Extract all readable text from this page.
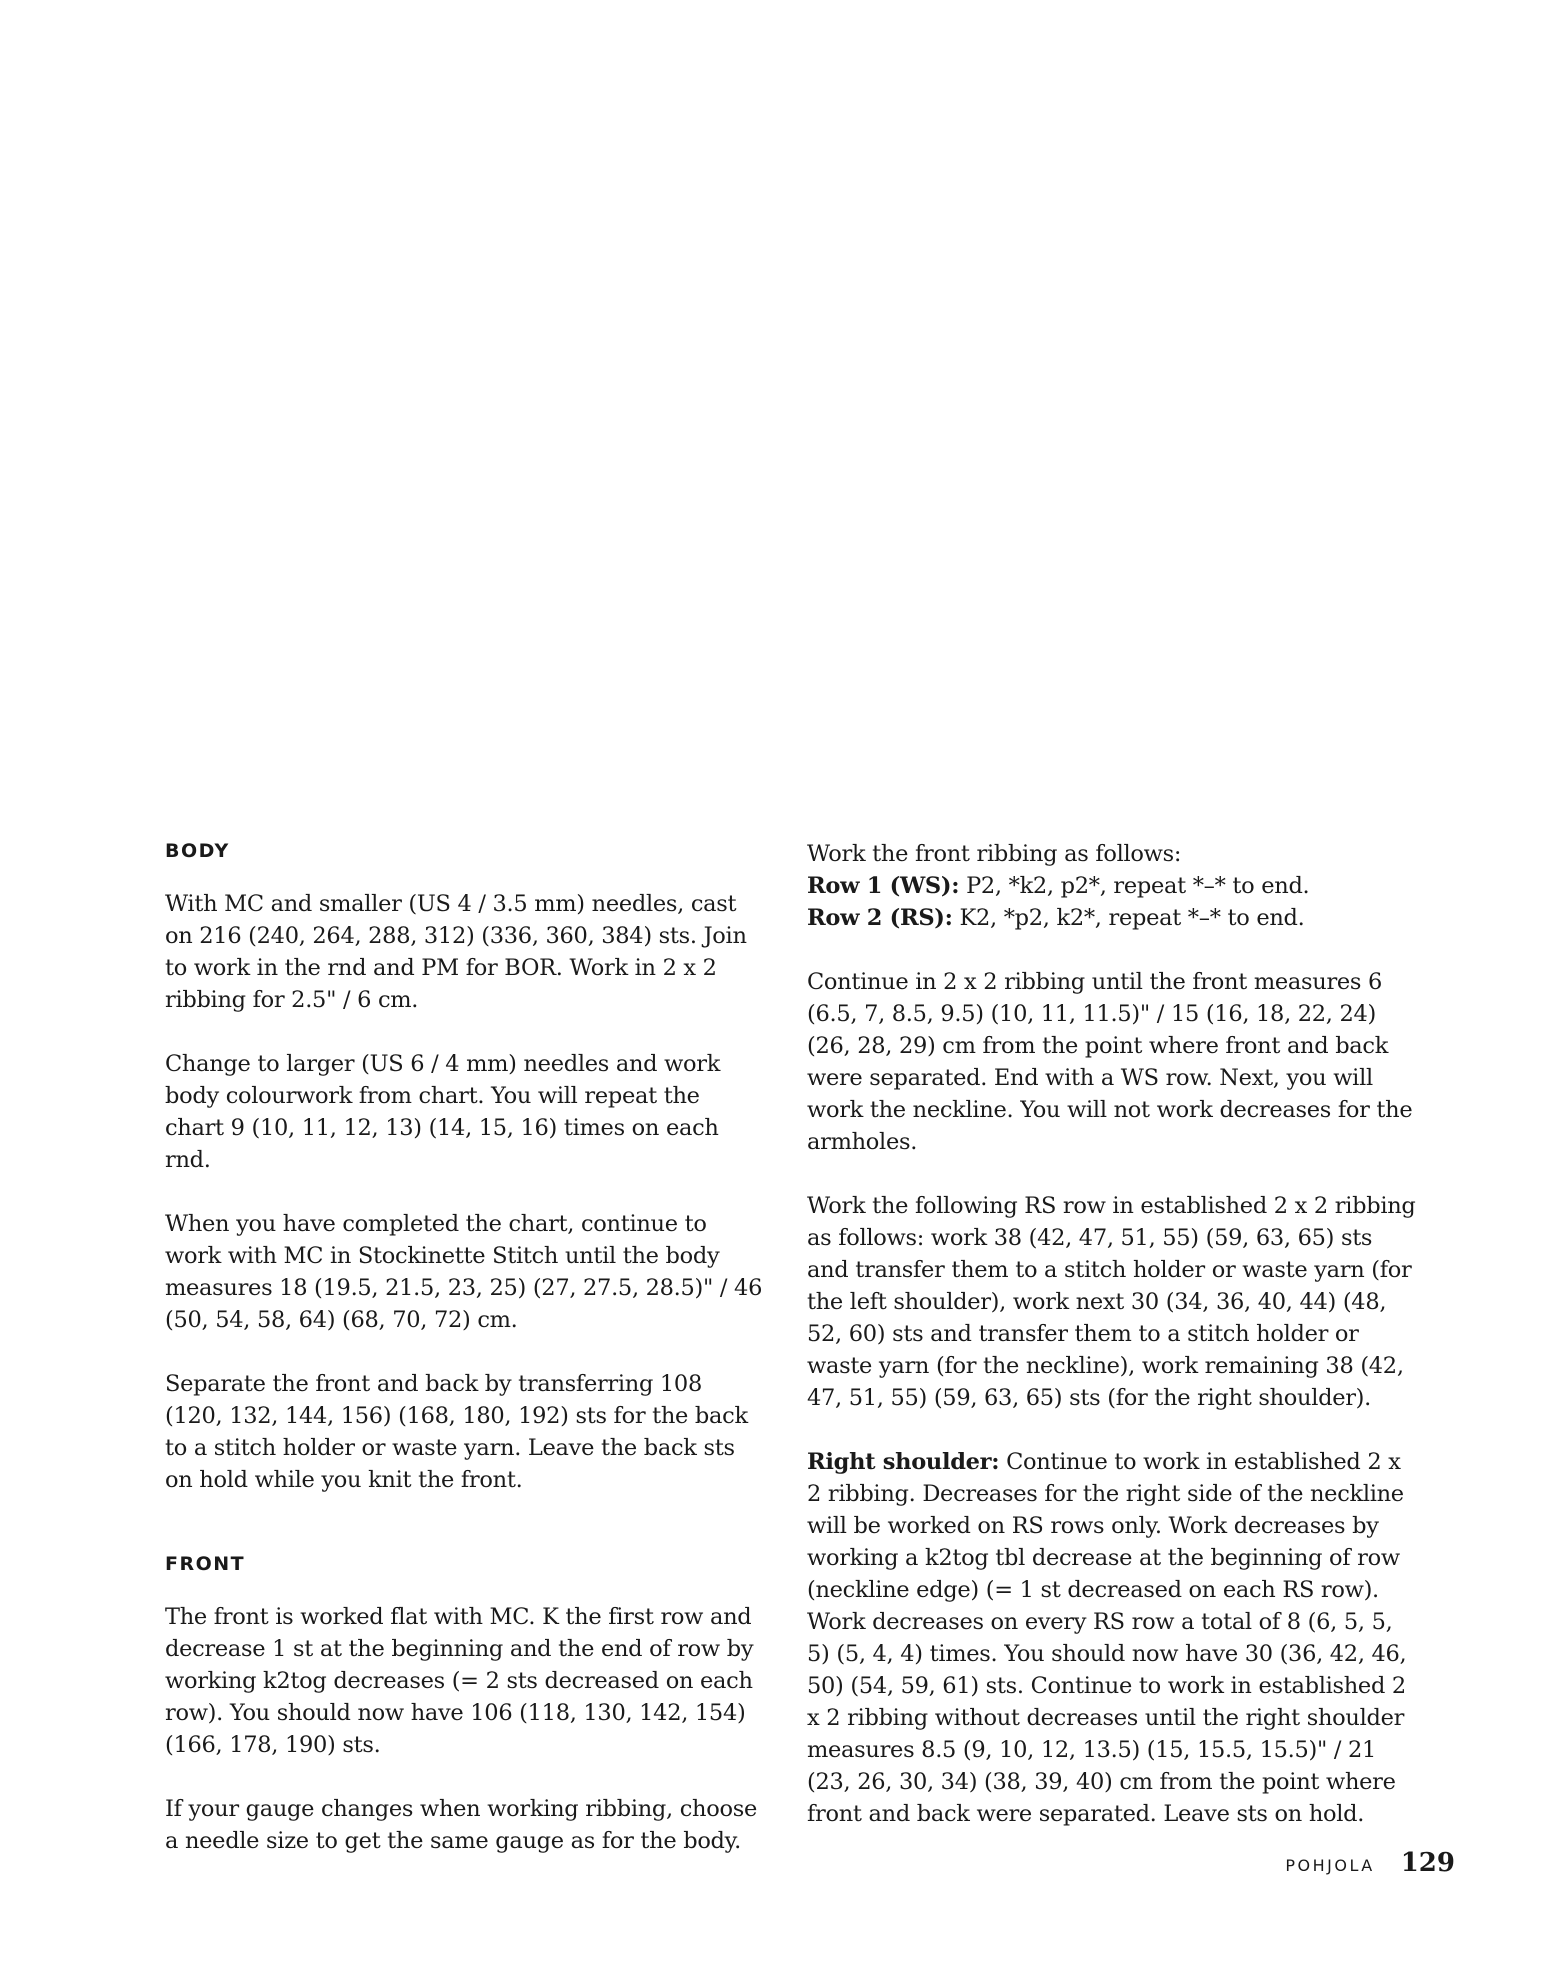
BODY

With MC and smaller (US 4 / 3.5 mm) needles, cast on 216 (240, 264, 288, 312) (336, 360, 384) sts. Join to work in the rnd and PM for BOR. Work in 2 x 2 ribbing for 2.5" / 6 cm.

Change to larger (US 6 / 4 mm) needles and work body colourwork from chart. You will repeat the chart 9 (10, 11, 12, 13) (14, 15, 16) times on each rnd.

When you have completed the chart, continue to work with MC in Stockinette Stitch until the body measures 18 (19.5, 21.5, 23, 25) (27, 27.5, 28.5)" / 46 (50, 54, 58, 64) (68, 70, 72) cm.

Separate the front and back by transferring 108 (120, 132, 144, 156) (168, 180, 192) sts for the back to a stitch holder or waste yarn. Leave the back sts on hold while you knit the front.

FRONT

The front is worked flat with MC. K the first row and decrease 1 st at the beginning and the end of row by working k2tog decreases (= 2 sts decreased on each row). You should now have 106 (118, 130, 142, 154) (166, 178, 190) sts.

If your gauge changes when working ribbing, choose a needle size to get the same gauge as for the body.

Work the front ribbing as follows:

Row 1 (WS): P2, *k2, p2*, repeat *–* to end.

Row 2 (RS): K2, *p2, k2*, repeat *–* to end.

Continue in 2 x 2 ribbing until the front measures 6 (6.5, 7, 8.5, 9.5) (10, 11, 11.5)" / 15 (16, 18, 22, 24) (26, 28, 29) cm from the point where front and back were separated. End with a WS row. Next, you will work the neckline. You will not work decreases for the armholes.

Work the following RS row in established 2 x 2 ribbing as follows: work 38 (42, 47, 51, 55) (59, 63, 65) sts and transfer them to a stitch holder or waste yarn (for the left shoulder), work next 30 (34, 36, 40, 44) (48, 52, 60) sts and transfer them to a stitch holder or waste yarn (for the neckline), work remaining 38 (42, 47, 51, 55) (59, 63, 65) sts (for the right shoulder).

Right shoulder: Continue to work in established 2 x 2 ribbing. Decreases for the right side of the neckline will be worked on RS rows only. Work decreases by working a k2tog tbl decrease at the beginning of row (neckline edge) (= 1 st decreased on each RS row). Work decreases on every RS row a total of 8 (6, 5, 5, 5) (5, 4, 4) times. You should now have 30 (36, 42, 46, 50) (54, 59, 61) sts. Continue to work in established 2 x 2 ribbing without decreases until the right shoulder measures 8.5 (9, 10, 12, 13.5) (15, 15.5, 15.5)" / 21 (23, 26, 30, 34) (38, 39, 40) cm from the point where front and back were separated. Leave sts on hold.

POHJOLA 129
